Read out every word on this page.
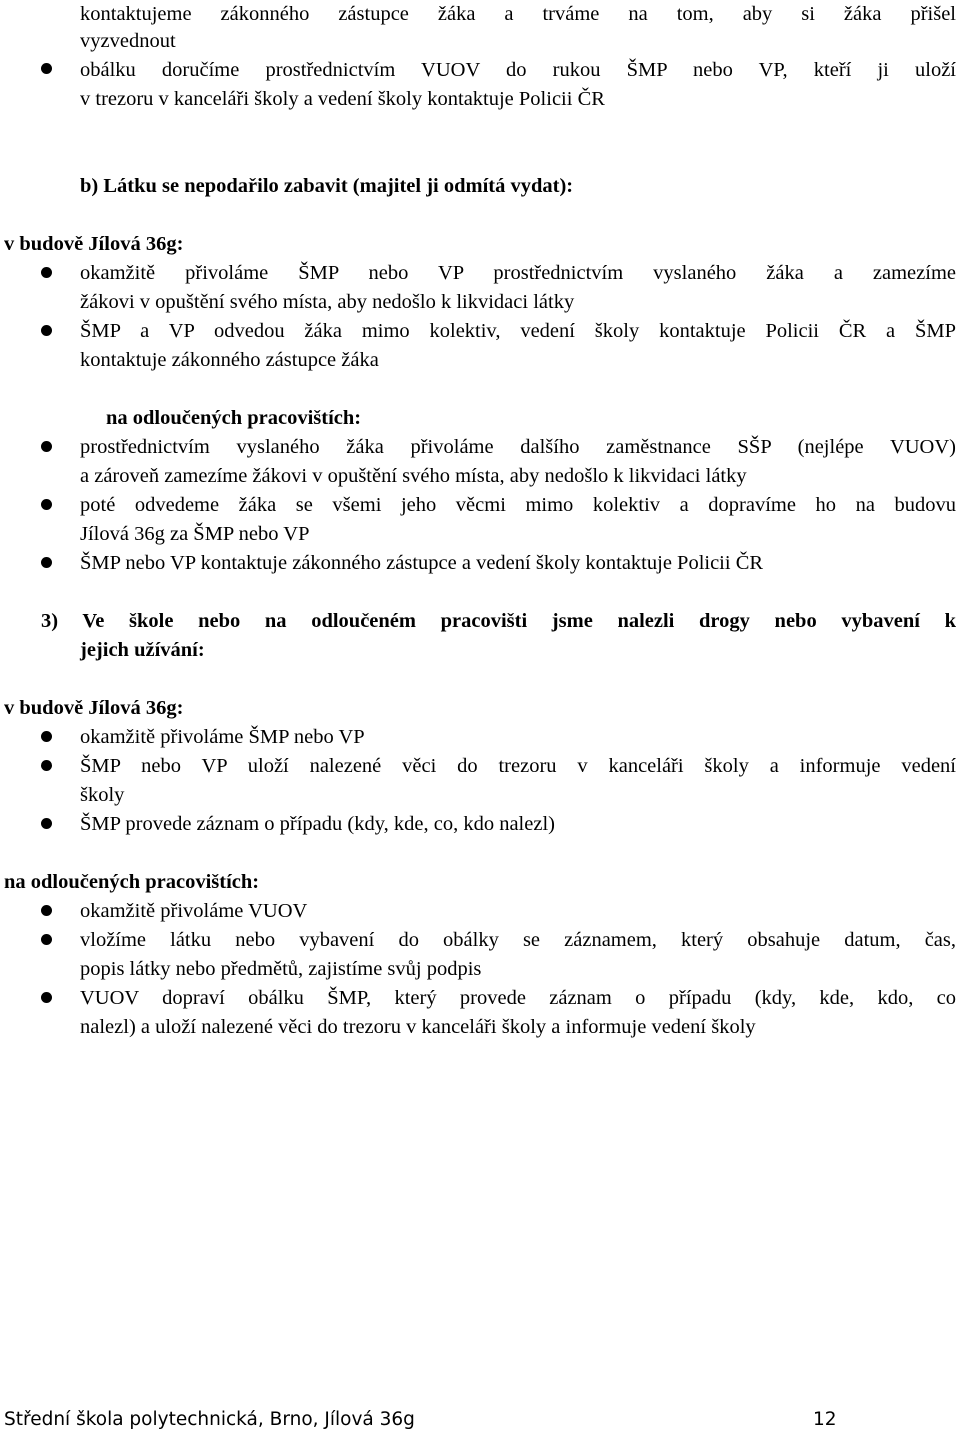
kontaktujeme zákonného zástupce žáka a trváme na tom, aby si žáka přišel
vyzvednout
obálku doručíme prostřednictvím VUOV do rukou ŠMP nebo VP, kteří ji uloží
v trezoru v kanceláři školy a vedení školy kontaktuje Policii ČR
b) Látku se nepodařilo zabavit (majitel ji odmítá vydat):
v budově Jílová 36g:
okamžitě přivoláme ŠMP nebo VP prostřednictvím vyslaného žáka a zamezíme
žákovi v opuštění svého místa, aby nedošlo k likvidaci látky
ŠMP a VP odvedou žáka mimo kolektiv, vedení školy kontaktuje Policii ČR a ŠMP
kontaktuje zákonného zástupce žáka
na odloučených pracovištích:
prostřednictvím vyslaného žáka přivoláme dalšího zaměstnance SŠP (nejlépe VUOV)
a zároveň zamezíme žákovi v opuštění svého místa, aby nedošlo k likvidaci látky
poté odvedeme žáka se všemi jeho věcmi mimo kolektiv a dopravíme ho na budovu
Jílová 36g za ŠMP nebo VP
ŠMP nebo VP kontaktuje zákonného zástupce a vedení školy kontaktuje Policii ČR
3) Ve škole nebo na odloučeném pracovišti jsme nalezli drogy nebo vybavení k
jejich užívání:
v budově Jílová 36g:
okamžitě přivoláme ŠMP nebo VP
ŠMP nebo VP uloží nalezené věci do trezoru v kanceláři školy a informuje vedení
školy
ŠMP provede záznam o případu (kdy, kde, co, kdo nalezl)
na odloučených pracovištích:
okamžitě přivoláme VUOV
vložíme látku nebo vybavení do obálky se záznamem, který obsahuje datum, čas,
popis látky nebo předmětů, zajistíme svůj podpis
VUOV dopraví obálku ŠMP, který provede záznam o případu (kdy, kde, kdo, co
nalezl) a uloží nalezené věci do trezoru v kanceláři školy a informuje vedení školy
Střední škola polytechnická, Brno, Jílová 36g	12
